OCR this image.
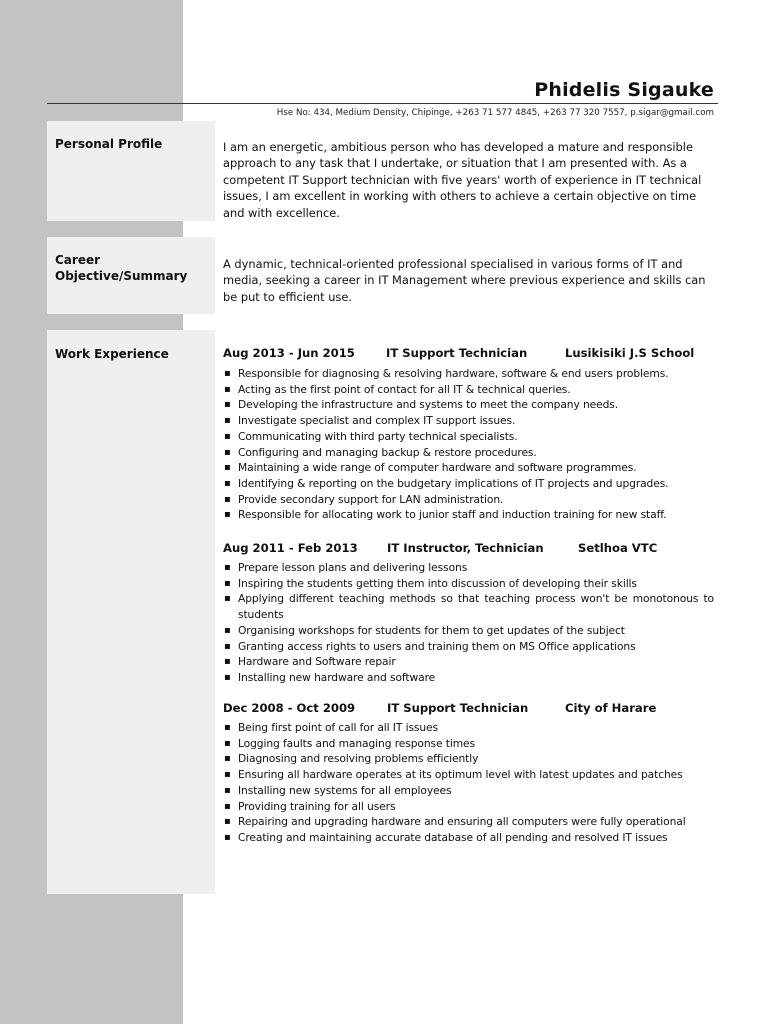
Phidelis Sigauke
Hse No: 434, Medium Density, Chipinge, +263 71 577 4845, +263 77 320 7557, p.sigar@gmail.com
Personal Profile	I am an energetic, ambitious person who has developed a mature and responsible approach to any task that I undertake, or situation that I am presented with. As a competent IT Support technician with five years' worth of experience in IT technical issues, I am excellent in working with others to achieve a certain objective on time and with excellence.
Career
Objective/Summary
A dynamic, technical-oriented professional specialised in various forms of IT and media, seeking a career in IT Management where previous experience and skills can be put to efficient use.
Work Experience	Aug 2013 - Jun 2015	IT Support Technician	Lusikisiki J.S School
▪ Responsible for diagnosing & resolving hardware, software & end users problems.
▪ Acting as the first point of contact for all IT & technical queries.
▪ Developing the infrastructure and systems to meet the company needs.
▪ Investigate specialist and complex IT support issues.
▪ Communicating with third party technical specialists.
▪ Configuring and managing backup & restore procedures.
▪ Maintaining a wide range of computer hardware and software programmes.
▪ Identifying & reporting on the budgetary implications of IT projects and upgrades.
▪ Provide secondary support for LAN administration.
▪ Responsible for allocating work to junior staff and induction training for new staff.
Aug 2011 - Feb 2013	IT Instructor, Technician	Setlhoa VTC
▪ Prepare lesson plans and delivering lessons
▪ Inspiring the students getting them into discussion of developing their skills
▪ Applying different teaching methods so that teaching process won't be monotonous to students
▪ Organising workshops for students for them to get updates of the subject
▪ Granting access rights to users and training them on MS Office applications
▪ Hardware and Software repair
▪ Installing new hardware and software
Dec 2008 - Oct 2009	IT Support Technician	City of Harare
▪ Being first point of call for all IT issues
▪ Logging faults and managing response times
▪ Diagnosing and resolving problems efficiently
▪ Ensuring all hardware operates at its optimum level with latest updates and patches
▪ Installing new systems for all employees
▪ Providing training for all users
▪ Repairing and upgrading hardware and ensuring all computers were fully operational
▪ Creating and maintaining accurate database of all pending and resolved IT issues
